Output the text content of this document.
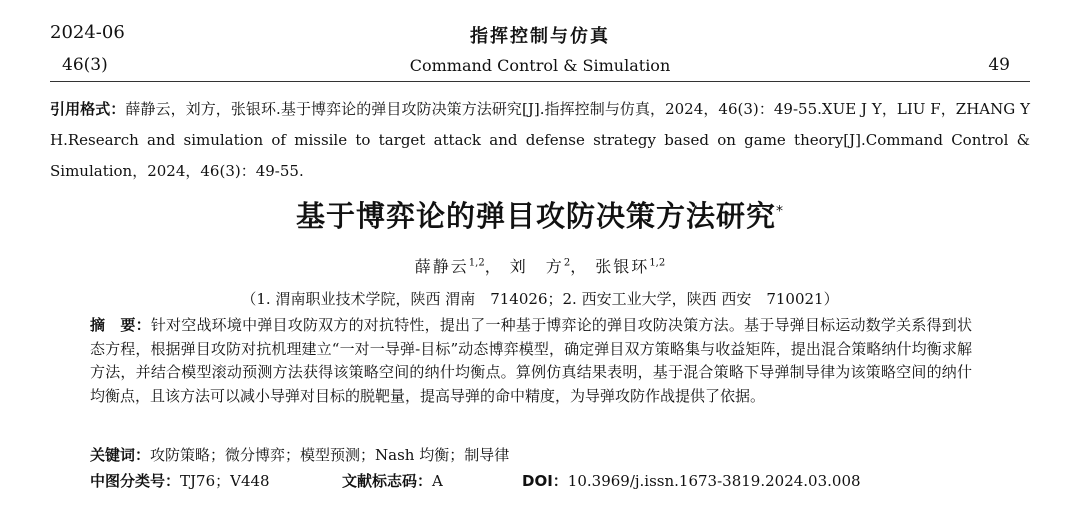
2024-06
46(3)
指挥控制与仿真
Command Control & Simulation	49
引用格式：薛静云，刘方，张银环.基于博弈论的弹目攻防决策方法研究[J].指挥控制与仿真，2024，46(3)：49-55.XUE J Y，LIU F，ZHANG Y H.Research and simulation of missile to target attack and defense strategy based on game theory[J].Command Control & Simulation，2024，46(3)：49-55.
基于博弈论的弹目攻防决策方法研究*
薛静云$^{1,2}$， 刘　方$^2$， 张银环$^{1,2}$
（1. 渭南职业技术学院，陕西 渭南　714026；2. 西安工业大学，陕西 西安　710021）
摘　要：针对空战环境中弹目攻防双方的对抗特性，提出了一种基于博弈论的弹目攻防决策方法。基于导弹目标运动数学关系得到状态方程，根据弹目攻防对抗机理建立“一对一导弹-目标”动态博弈模型，确定弹目双方策略集与收益矩阵，提出混合策略纳什均衡求解方法，并结合模型滚动预测方法获得该策略空间的纳什均衡点。算例仿真结果表明，基于混合策略下导弹制导律为该策略空间的纳什均衡点，且该方法可以减小导弹对目标的脱靶量，提高导弹的命中精度，为导弹攻防作战提供了依据。
关键词：攻防策略；微分博弈；模型预测；Nash 均衡；制导律
中图分类号：TJ76；V448	文献标志码：A	DOI：10.3969/j.issn.1673-3819.2024.03.008
